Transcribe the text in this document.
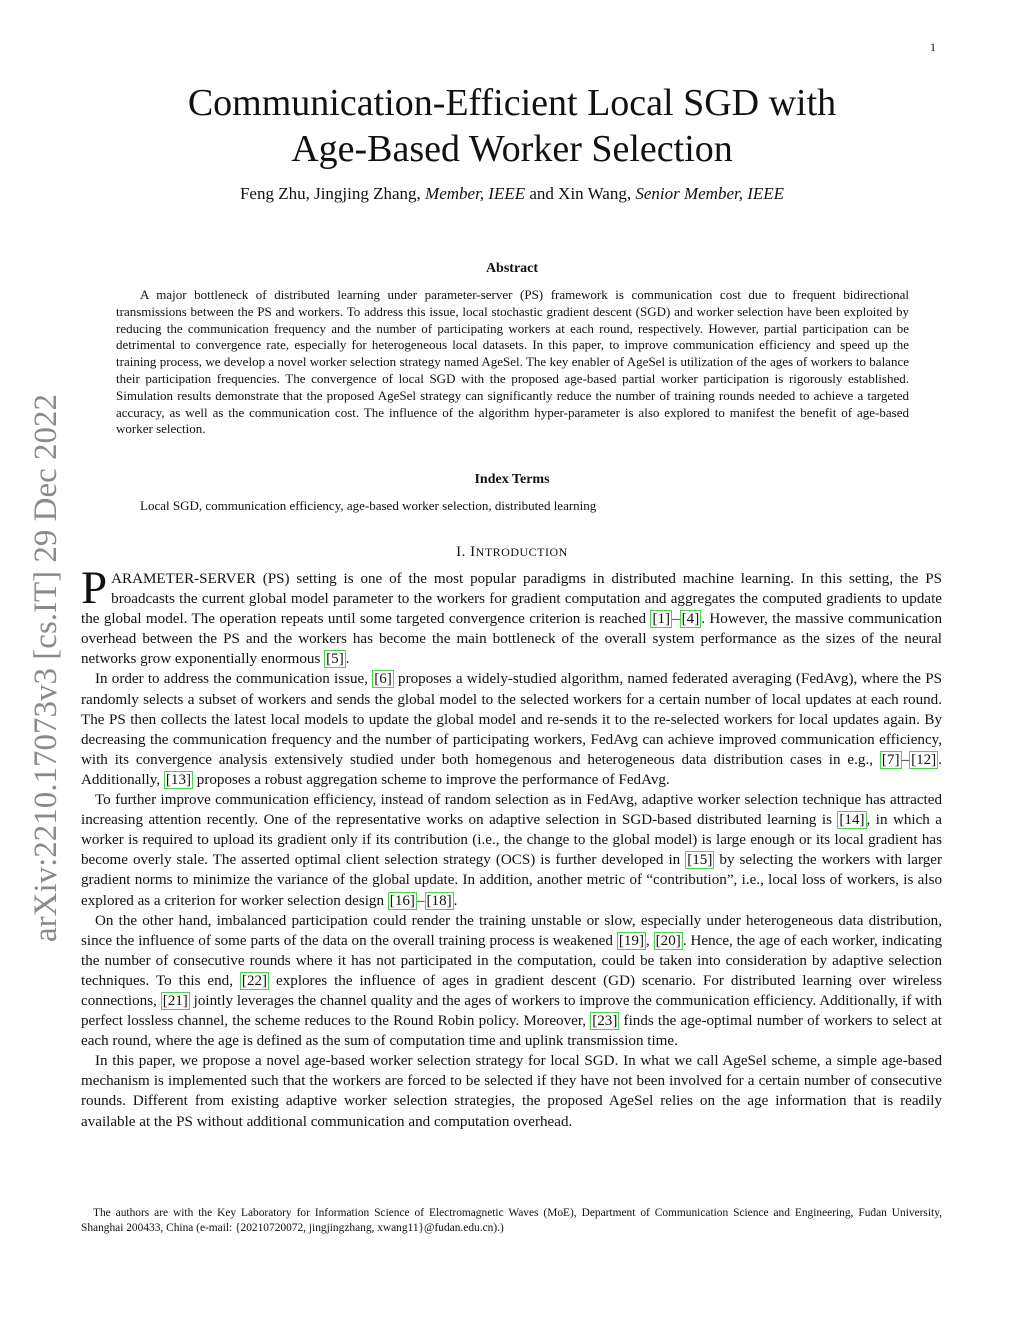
1
arXiv:2210.17073v3 [cs.IT] 29 Dec 2022
Communication-Efficient Local SGD with
Age-Based Worker Selection
Feng Zhu, Jingjing Zhang, Member, IEEE and Xin Wang, Senior Member, IEEE
Abstract
A major bottleneck of distributed learning under parameter-server (PS) framework is communication cost due to frequent bidirectional transmissions between the PS and workers. To address this issue, local stochastic gradient descent (SGD) and worker selection have been exploited by reducing the communication frequency and the number of participating workers at each round, respectively. However, partial participation can be detrimental to convergence rate, especially for heterogeneous local datasets. In this paper, to improve communication efficiency and speed up the training process, we develop a novel worker selection strategy named AgeSel. The key enabler of AgeSel is utilization of the ages of workers to balance their participation frequencies. The convergence of local SGD with the proposed age-based partial worker participation is rigorously established. Simulation results demonstrate that the proposed AgeSel strategy can significantly reduce the number of training rounds needed to achieve a targeted accuracy, as well as the communication cost. The influence of the algorithm hyper-parameter is also explored to manifest the benefit of age-based worker selection.
Index Terms
Local SGD, communication efficiency, age-based worker selection, distributed learning
I. INTRODUCTION

PARAMETER-SERVER (PS) setting is one of the most popular paradigms in distributed machine learning. In this setting, the PS broadcasts the current global model parameter to the workers for gradient computation and aggregates the computed gradients to update the global model. The operation repeats until some targeted convergence criterion is reached [1] – [4] . However, the massive communication overhead between the PS and the workers has become the main bottleneck of the overall system performance as the sizes of the neural networks grow exponentially enormous [5] .

In order to address the communication issue, [6] proposes a widely-studied algorithm, named federated averaging (FedAvg), where the PS randomly selects a subset of workers and sends the global model to the selected workers for a certain number of local updates at each round. The PS then collects the latest local models to update the global model and re-sends it to the re-selected workers for local updates again. By decreasing the communication frequency and the number of participating workers, FedAvg can achieve improved communication efficiency, with its convergence analysis extensively studied under both homegenous and heterogeneous data distribution cases in e.g., [7] – [12] . Additionally, [13] proposes a robust aggregation scheme to improve the performance of FedAvg.

To further improve communication efficiency, instead of random selection as in FedAvg, adaptive worker selection technique has attracted increasing attention recently. One of the representative works on adaptive selection in SGD-based distributed learning is [14] , in which a worker is required to upload its gradient only if its contribution (i.e., the change to the global model) is large enough or its local gradient has become overly stale. The asserted optimal client selection strategy (OCS) is further developed in [15] by selecting the workers with larger gradient norms to minimize the variance of the global update. In addition, another metric of “contribution”, i.e., local loss of workers, is also explored as a criterion for worker selection design [16] – [18] .

On the other hand, imbalanced participation could render the training unstable or slow, especially under heterogeneous data distribution, since the influence of some parts of the data on the overall training process is weakened [19] , [20] . Hence, the age of each worker, indicating the number of consecutive rounds where it has not participated in the computation, could be taken into consideration by adaptive selection techniques. To this end, [22] explores the influence of ages in gradient descent (GD) scenario. For distributed learning over wireless connections, [21] jointly leverages the channel quality and the ages of workers to improve the communication efficiency. Additionally, if with perfect lossless channel, the scheme reduces to the Round Robin policy. Moreover, [23] finds the age-optimal number of workers to select at each round, where the age is defined as the sum of computation time and uplink transmission time.

In this paper, we propose a novel age-based worker selection strategy for local SGD. In what we call AgeSel scheme, a simple age-based mechanism is implemented such that the workers are forced to be selected if they have not been involved for a certain number of consecutive rounds. Different from existing adaptive worker selection strategies, the proposed AgeSel relies on the age information that is readily available at the PS without additional communication and computation overhead.

The authors are with the Key Laboratory for Information Science of Electromagnetic Waves (MoE), Department of Communication Science and Engineering, Fudan University, Shanghai 200433, China (e-mail: {20210720072, jingjingzhang, xwang11}@fudan.edu.cn).)
